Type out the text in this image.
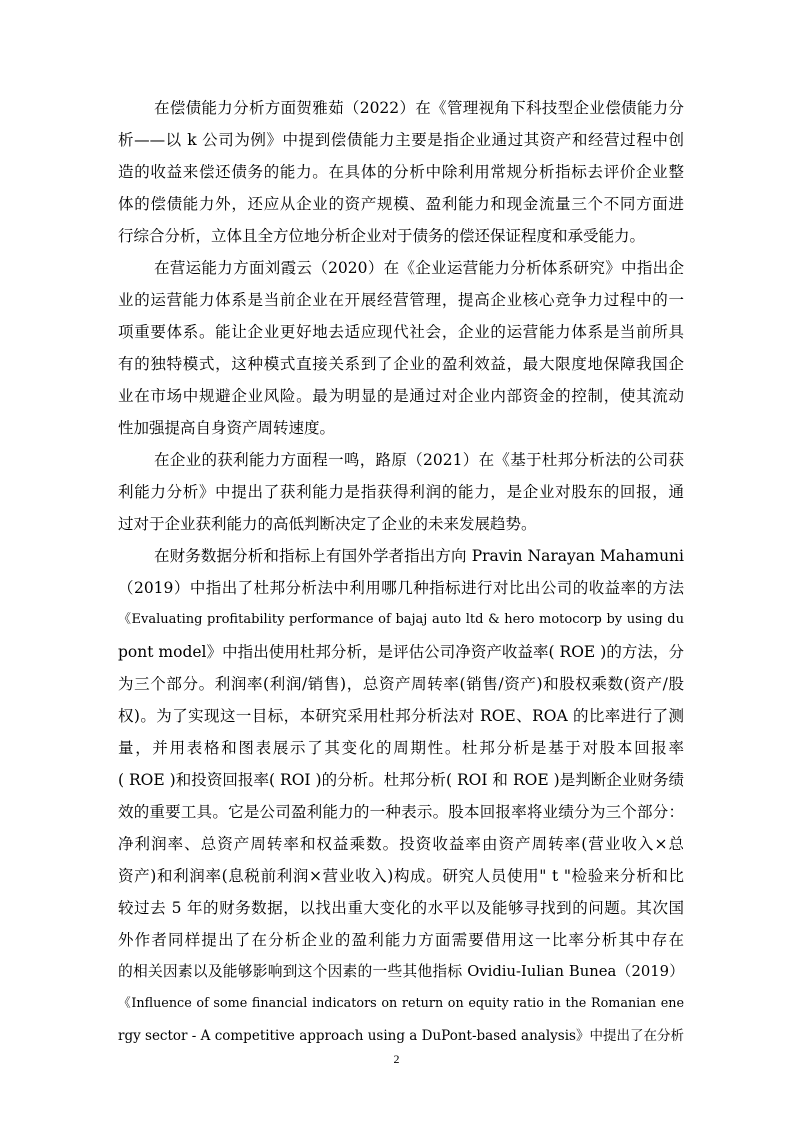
在偿债能力分析方面贺雅茹（2022）在《管理视角下科技型企业偿债能力分
析——以 k 公司为例》中提到偿债能力主要是指企业通过其资产和经营过程中创
造的收益来偿还债务的能力。在具体的分析中除利用常规分析指标去评价企业整
体的偿债能力外，还应从企业的资产规模、盈利能力和现金流量三个不同方面进
行综合分析，立体且全方位地分析企业对于债务的偿还保证程度和承受能力。
在营运能力方面刘霞云（2020）在《企业运营能力分析体系研究》中指出企
业的运营能力体系是当前企业在开展经营管理，提高企业核心竞争力过程中的一
项重要体系。能让企业更好地去适应现代社会，企业的运营能力体系是当前所具
有的独特模式，这种模式直接关系到了企业的盈利效益，最大限度地保障我国企
业在市场中规避企业风险。最为明显的是通过对企业内部资金的控制，使其流动
性加强提高自身资产周转速度。
在企业的获利能力方面程一鸣，路原（2021）在《基于杜邦分析法的公司获
利能力分析》中提出了获利能力是指获得利润的能力，是企业对股东的回报，通
过对于企业获利能力的高低判断决定了企业的未来发展趋势。
在财务数据分析和指标上有国外学者指出方向 Pravin Narayan Mahamuni
（2019）中指出了杜邦分析法中利用哪几种指标进行对比出公司的收益率的方法
《Evaluating profitability performance of bajaj auto ltd & hero motocorp by using du
pont model》中指出使用杜邦分析，是评估公司净资产收益率( ROE )的方法，分
为三个部分。利润率(利润/销售)，总资产周转率(销售/资产)和股权乘数(资产/股
权)。为了实现这一目标，本研究采用杜邦分析法对 ROE、ROA 的比率进行了测
量，并用表格和图表展示了其变化的周期性。杜邦分析是基于对股本回报率
( ROE )和投资回报率( ROI )的分析。杜邦分析( ROI 和 ROE )是判断企业财务绩
效的重要工具。它是公司盈利能力的一种表示。股本回报率将业绩分为三个部分：
净利润率、总资产周转率和权益乘数。投资收益率由资产周转率(营业收入×总
资产)和利润率(息税前利润×营业收入)构成。研究人员使用" t "检验来分析和比
较过去 5 年的财务数据，以找出重大变化的水平以及能够寻找到的问题。其次国
外作者同样提出了在分析企业的盈利能力方面需要借用这一比率分析其中存在
的相关因素以及能够影响到这个因素的一些其他指标 Ovidiu-Iulian Bunea（2019）
《Influence of some financial indicators on return on equity ratio in the Romanian ene
rgy sector - A competitive approach using a DuPont-based analysis》中提出了在分析
2
